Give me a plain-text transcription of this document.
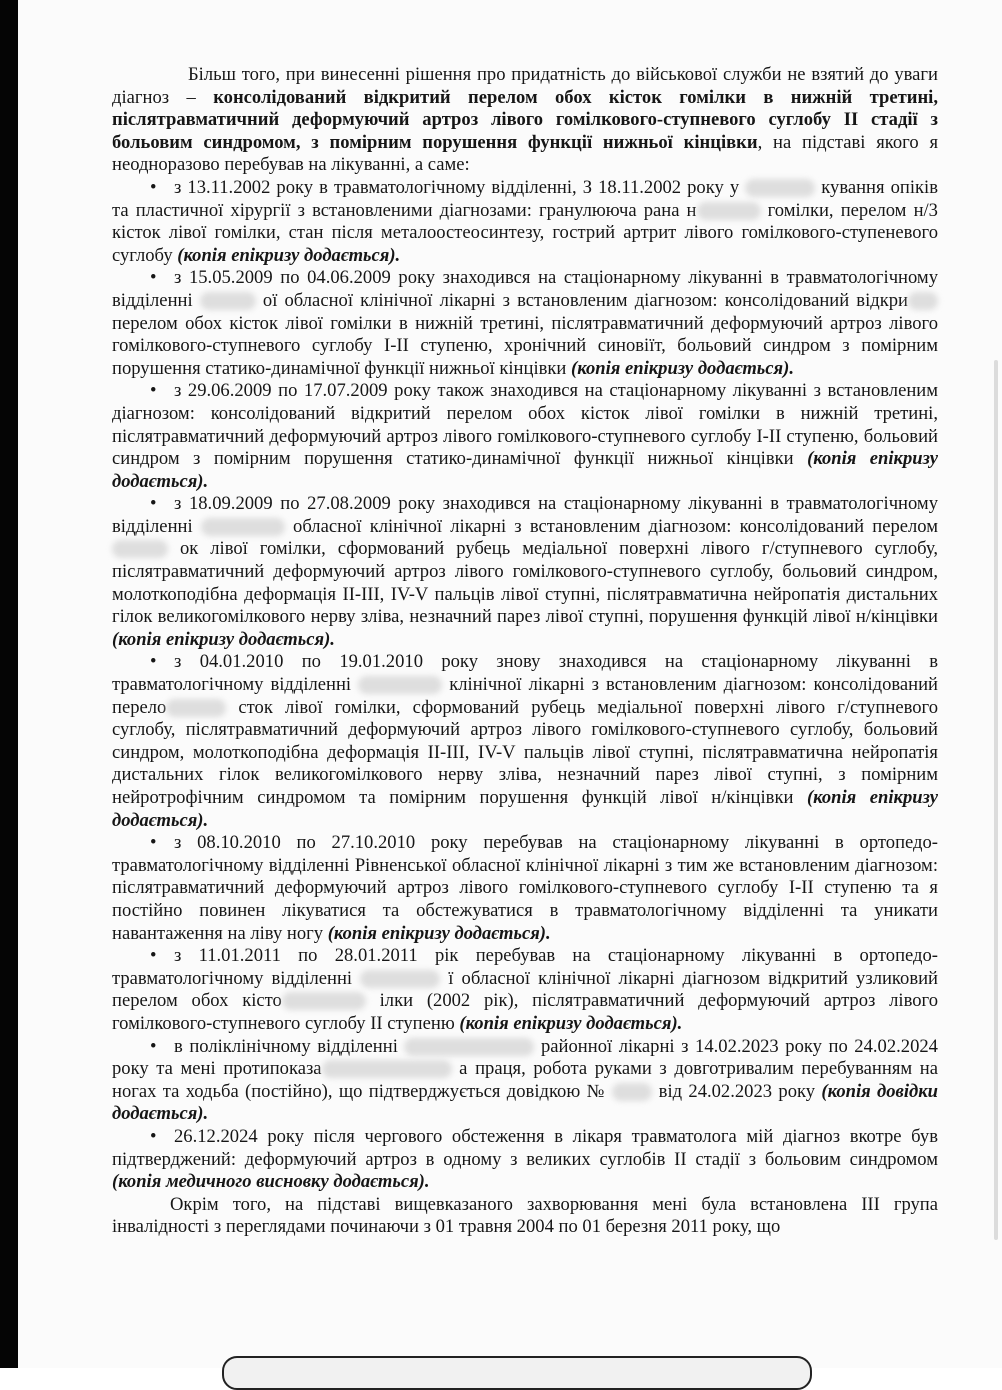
Більш того, при винесенні рішення про придатність до військової служби не взятий до уваги діагноз – консолідований відкритий перелом обох кісток гомілки в нижній третині, післятравматичний деформуючий артроз лівого гомілкового-ступневого суглобу II стадії з больовим синдромом, з помірним порушення функції нижньої кінцівки, на підставі якого я неодноразово перебував на лікуванні, а саме:

• з 13.11.2002 року в травматологічному відділенні, З 18.11.2002 року у	кування опіків та пластичної хірургії з встановленими діагнозами: гранулююча рана н	гомілки, перелом н/3 кісток лівої гомілки, стан після металоостеосинтезу, гострий артрит лівого гомілкового-ступеневого суглобу (копія епікризу додається).

• з 15.05.2009 по 04.06.2009 року знаходився на стаціонарному лікуванні в травматологічному відділенні	ої обласної клінічної лікарні з встановленим діагнозом: консолідований відкри перелом обох кісток лівої гомілки в нижній третині, післятравматичний деформуючий артроз лівого гомілкового-ступневого суглобу I-II ступеню, хронічний синовіїт, больовий синдром з помірним порушення статико-динамічної функції нижньої кінцівки (копія епікризу додається).

• з 29.06.2009 по 17.07.2009 року також знаходився на стаціонарному лікуванні з встановленим діагнозом: консолідований відкритий перелом обох кісток лівої гомілки в нижній третині, післятравматичний деформуючий артроз лівого гомілкового-ступневого суглобу I-II ступеню, больовий синдром з помірним порушення статико-динамічної функції нижньої кінцівки (копія епікризу додається).

• з 18.09.2009 по 27.08.2009 року знаходився на стаціонарному лікуванні в травматологічному відділенні	обласної клінічної лікарні з встановленим діагнозом: консолідований перелом  ок лівої гомілки, сформований рубець медіальної поверхні лівого г/ступневого суглобу, післятравматичний деформуючий артроз лівого гомілкового-ступневого суглобу, больовий синдром, молоткоподібна деформація II-III, IV-V пальців лівої ступні, післятравматична нейропатія дистальних гілок великогомілкового нерву зліва, незначний парез лівої ступні, порушення функцій лівої н/кінцівки (копія епікризу додається).

• з 04.01.2010 по 19.01.2010 року знову знаходився на стаціонарному лікуванні в травматологічному відділенні	клінічної лікарні з встановленим діагнозом: консолідований перело	сток лівої гомілки, сформований рубець медіальної поверхні лівого г/ступневого суглобу, післятравматичний деформуючий артроз лівого гомілкового-ступневого суглобу, больовий синдром, молоткоподібна деформація II-III, IV-V пальців лівої ступні, післятравматична нейропатія дистальних гілок великогомілкового нерву зліва, незначний парез лівої ступні, з помірним нейротрофічним синдромом та помірним порушення функцій лівої н/кінцівки (копія епікризу додається).

• з 08.10.2010 по 27.10.2010 року перебував на стаціонарному лікуванні в ортопедо-травматологічному відділенні Рівненської обласної клінічної лікарні з тим же встановленим діагнозом: післятравматичний деформуючий артроз лівого гомілкового-ступневого суглобу I-II ступеню та я постійно повинен лікуватися та обстежуватися в травматологічному відділенні та уникати навантаження на ліву ногу (копія епікризу додається).

• з 11.01.2011 по 28.01.2011 рік перебував на стаціонарному лікуванні в ортопедо-травматологічному відділенні	ї обласної клінічної лікарні діагнозом відкритий узликовий перелом обох кісто	ілки (2002 рік), післятравматичний деформуючий артроз лівого гомілкового-ступневого суглобу II ступеню (копія епікризу додається).

• в поліклінічному відділенні	районної лікарні з 14.02.2023 року по 24.02.2024 року та мені протипоказа	а праця, робота руками з довготривалим перебуванням на ногах та ходьба (постійно), що підтверджується довідкою №  від 24.02.2023 року (копія довідки додається).

• 26.12.2024 року після чергового обстеження в лікаря травматолога мій діагноз вкотре був підтверджений: деформуючий артроз в одному з великих суглобів II стадії з больовим синдромом (копія медичного висновку додається).

Окрім того, на підставі вищевказаного захворювання мені була встановлена III група інвалідності з переглядами починаючи з 01 травня 2004 по 01 березня 2011 року, що
